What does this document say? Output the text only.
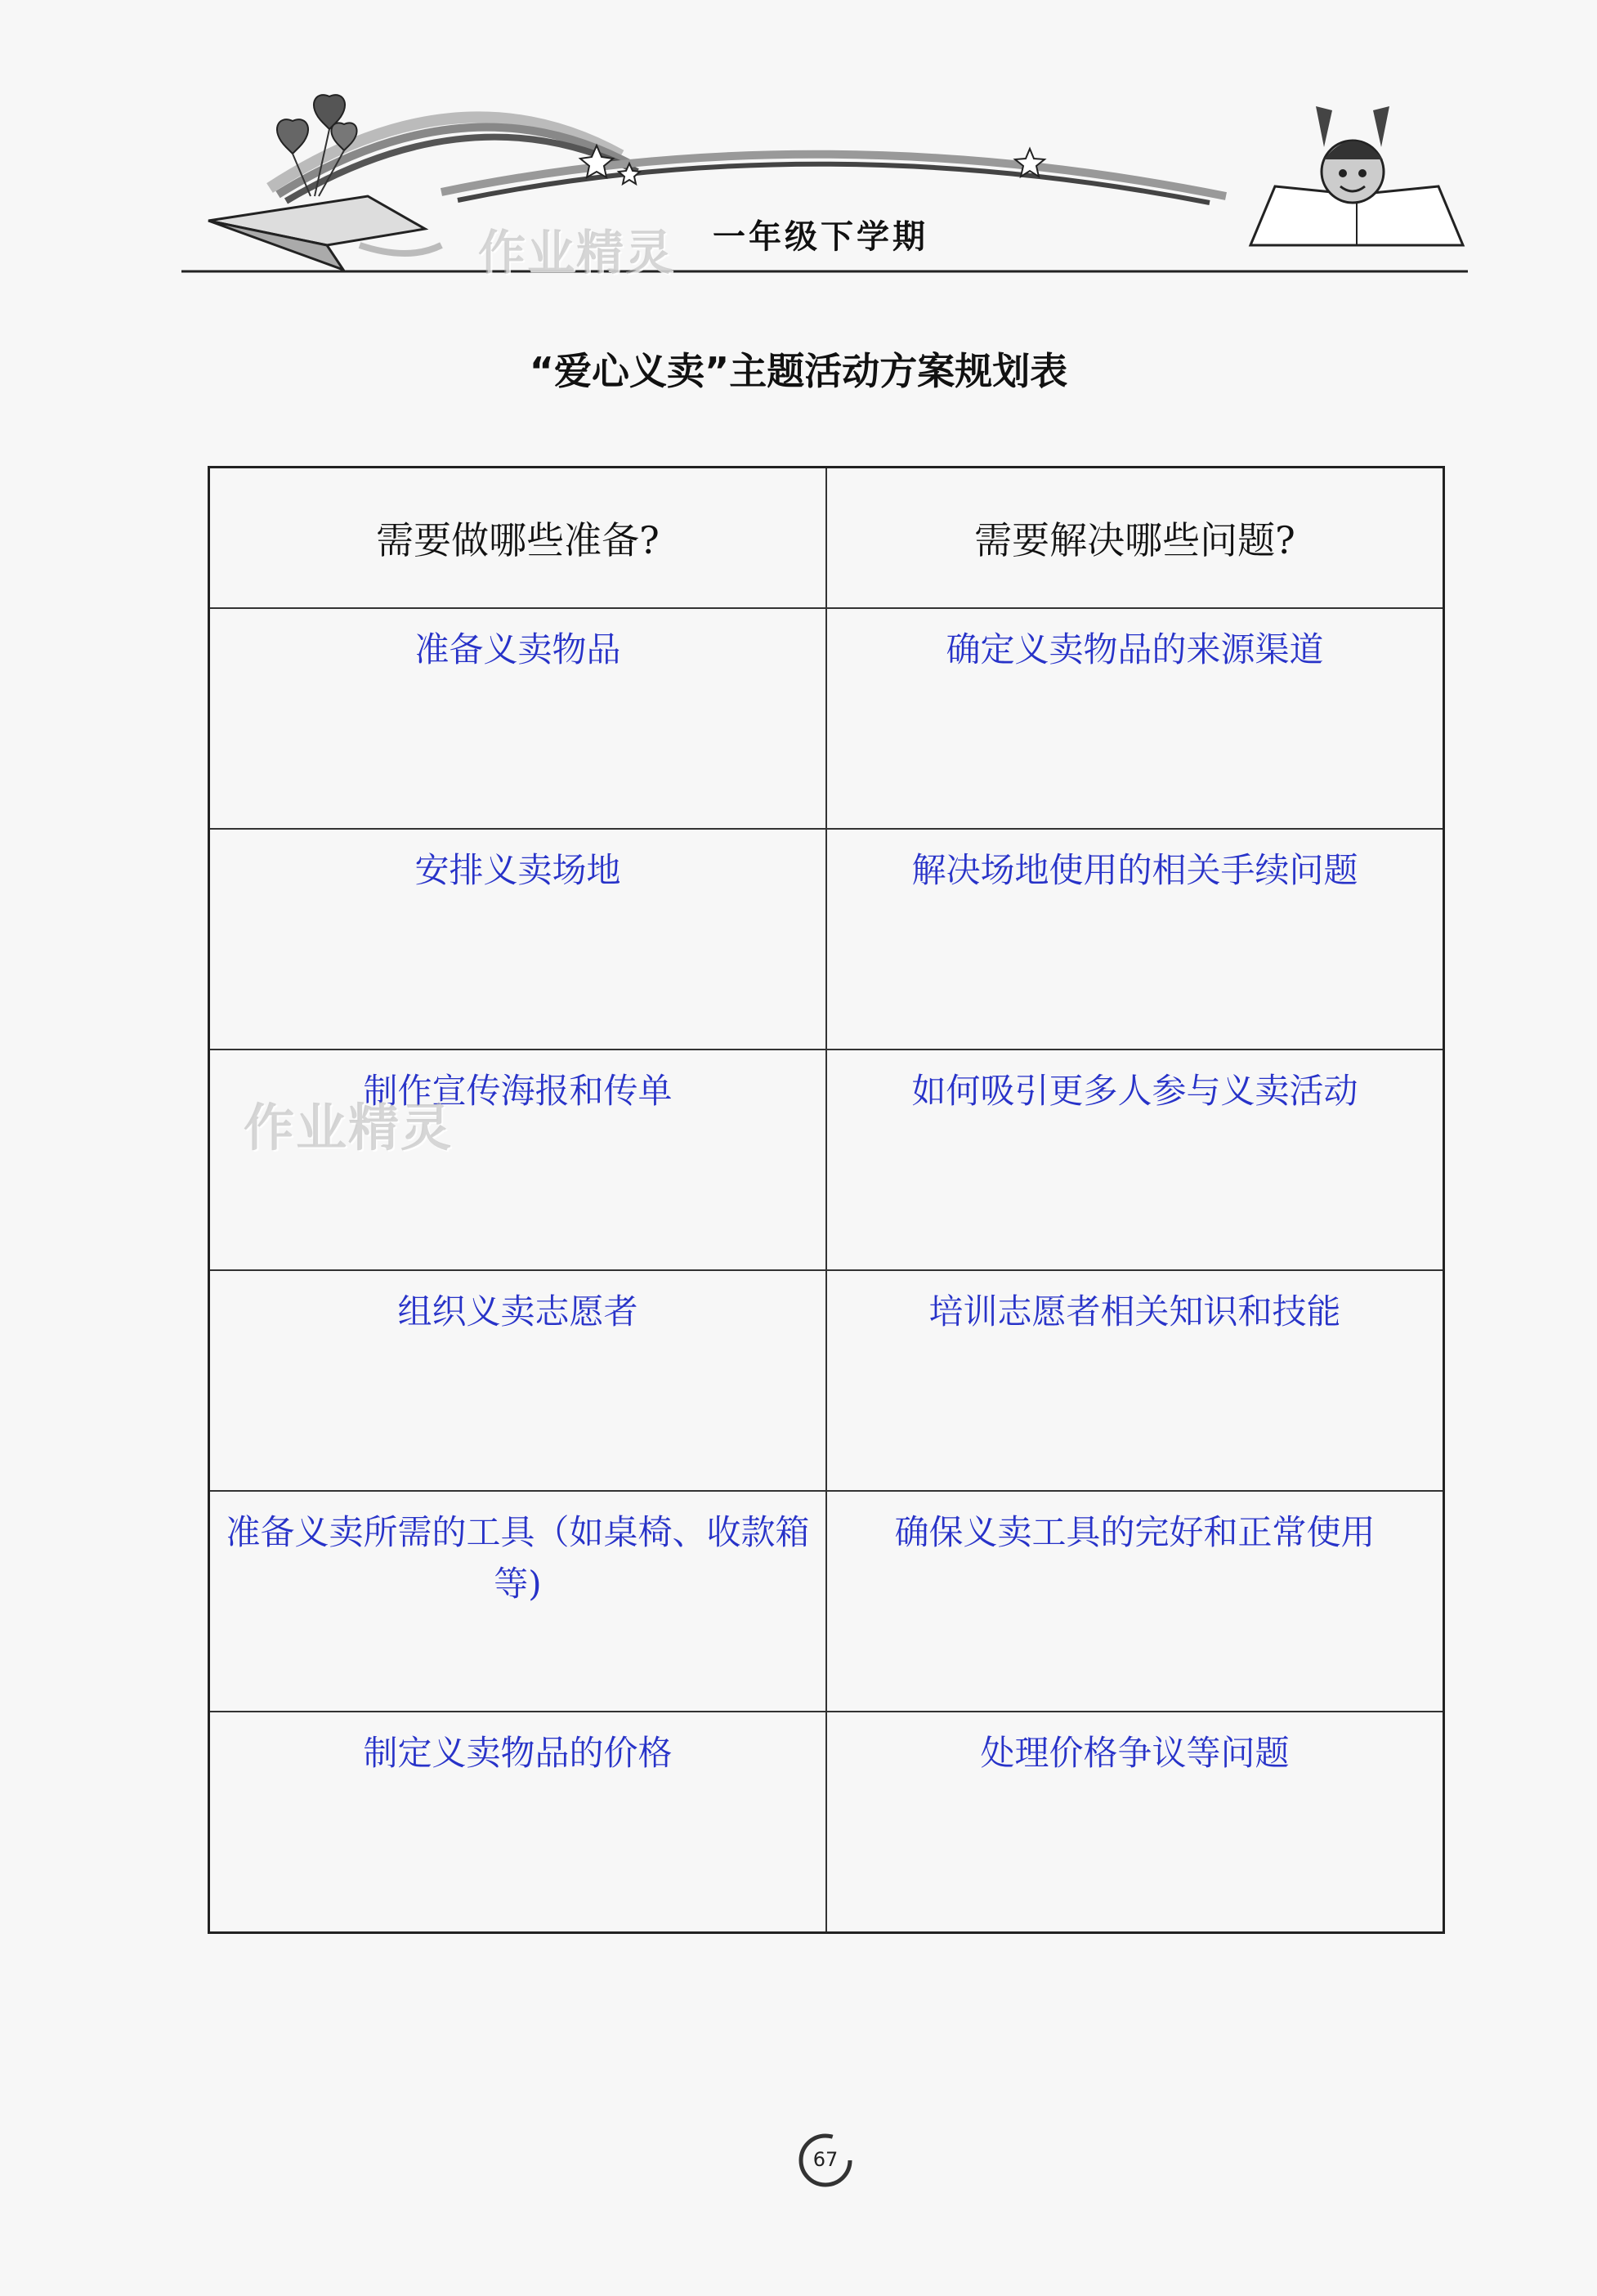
作业精灵 一年级下学期
“爱心义卖”主题活动方案规划表
需要做哪些准备?	需要解决哪些问题?
准备义卖物品	确定义卖物品的来源渠道
安排义卖场地	解决场地使用的相关手续问题
制作宣传海报和传单	如何吸引更多人参与义卖活动
组织义卖志愿者	培训志愿者相关知识和技能
准备义卖所需的工具（如桌椅、收款箱等)	确保义卖工具的完好和正常使用
制定义卖物品的价格	处理价格争议等问题
作业精灵
67
